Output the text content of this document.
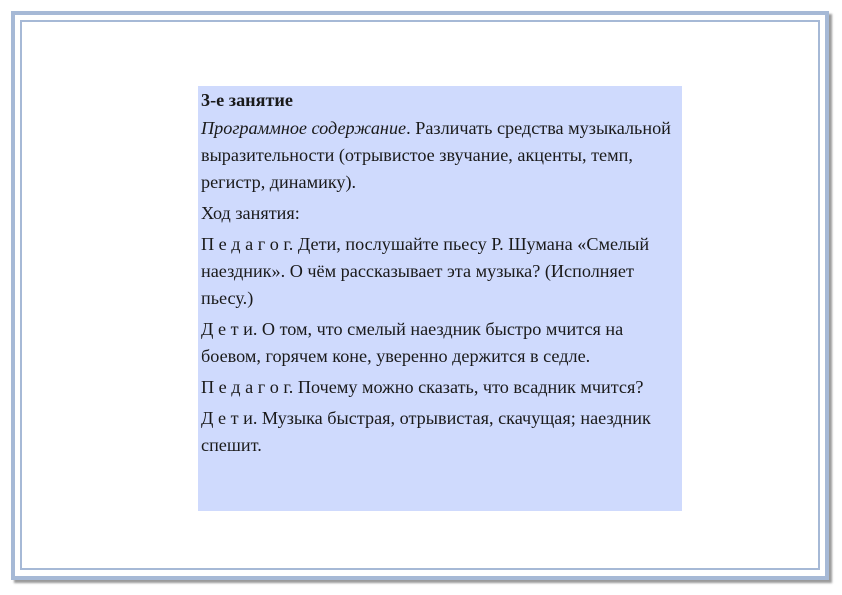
3-е занятие

Программное содержание. Различать средства музыкальной выразительности (отрывистое звучание, акценты, темп, регистр, динамику).

Ход занятия:

П е д а г о г. Дети, послушайте пьесу Р. Шумана «Смелый наездник». О чём рассказывает эта музыка? (Исполняет пьесу.)

Д е т и. О том, что смелый наездник быстро мчится на боевом, горячем коне, уверенно держится в седле.

П е д а г о г. Почему можно сказать, что всадник мчится?

Д е т и. Музыка быстрая, отрывистая, скачущая; наездник спешит.
